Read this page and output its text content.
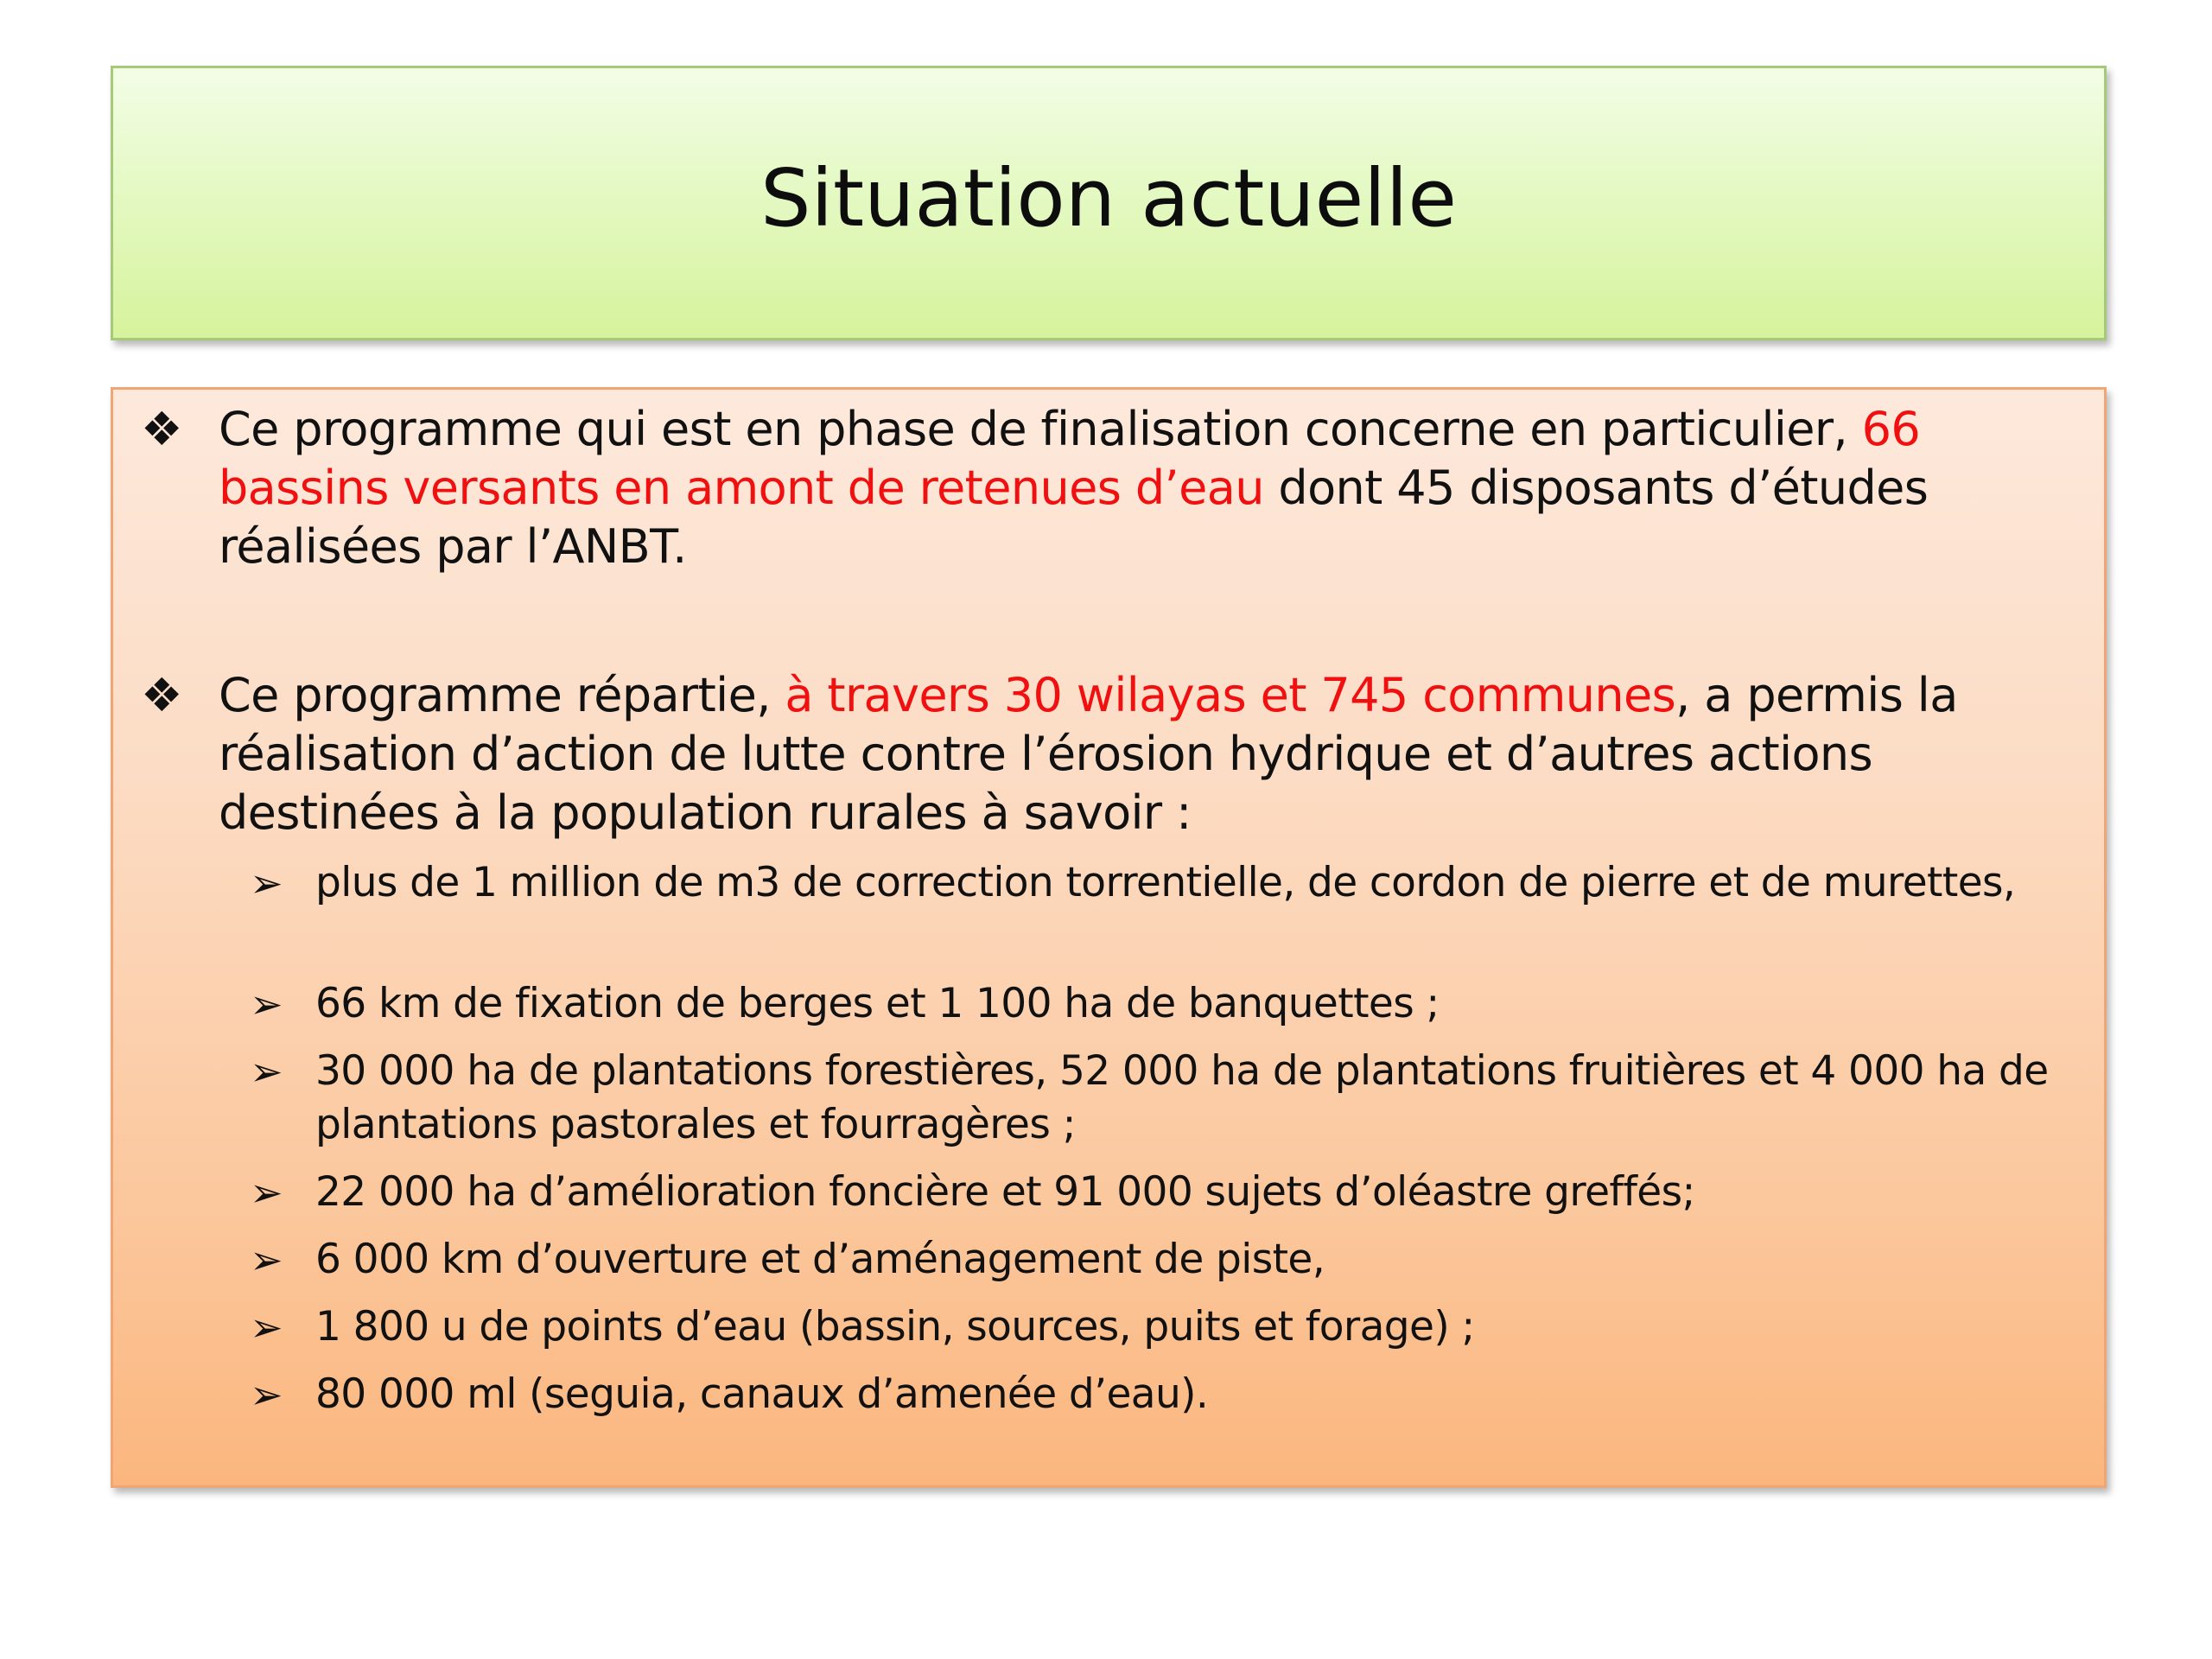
Situation actuelle
❖ Ce programme qui est en phase de finalisation concerne en particulier, 66 bassins versants en amont de retenues d’eau dont 45 disposants d’études réalisées par l’ANBT.
❖ Ce programme répartie, à travers 30 wilayas et 745 communes, a permis la réalisation d’action de lutte contre l’érosion hydrique et d’autres actions destinées à la population rurales à savoir :
➢ plus de 1 million de m3 de correction torrentielle, de cordon de pierre et de murettes,
➢ 66 km de fixation de berges et 1 100 ha de banquettes ;
➢ 30 000 ha de plantations forestières, 52 000 ha de plantations fruitières et 4 000 ha de plantations pastorales et fourragères ;
➢ 22 000 ha d’amélioration foncière et 91 000 sujets d’oléastre greffés;
➢ 6 000 km d’ouverture et d’aménagement de piste,
➢ 1 800 u de points d’eau (bassin, sources, puits et forage) ;
➢ 80 000 ml (seguia, canaux d’amenée d’eau).
